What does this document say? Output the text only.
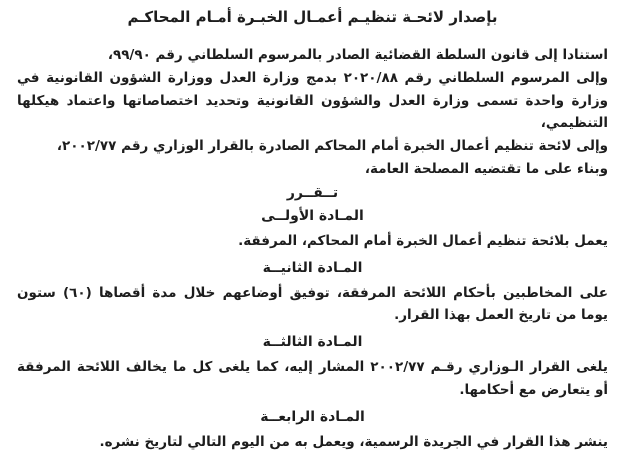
بإصدار لائحـة تنظيـم أعمـال الخبـرة أمـام المحاكـم

استنادا إلى قانون السلطة القضائية الصادر بالمرسوم السلطاني رقم ٩٩/٩٠،

وإلى المرسوم السلطاني رقم ٢٠٢٠/٨٨ بدمج وزارة العدل ووزارة الشؤون القانونية في وزارة واحدة تسمى وزارة العدل والشؤون القانونية وتحديد اختصاصاتها واعتماد هيكلها التنظيمي،

وإلى لائحة تنظيم أعمال الخبرة أمام المحاكم الصادرة بالقرار الوزاري رقم ٢٠٠٢/٧٧،

وبناء على ما تقتضيه المصلحة العامة،

تــقــرر
المـادة الأولــى

يعمل بلائحة تنظيم أعمال الخبرة أمام المحاكم، المرفقة.

المـادة الثانيــة

على المخاطبين بأحكام اللائحة المرفقة، توفيق أوضاعهم خلال مدة أقصاها (٦٠) ستون يوما من تاريخ العمل بهذا القرار.

المـادة الثالثــة

يلغى القرار الـوزاري رقـم ٢٠٠٢/٧٧ المشار إليه، كما يلغى كل ما يخالف اللائحة المرفقة أو يتعارض مع أحكامها.

المـادة الرابعــة

ينشر هذا القرار في الجريدة الرسمية، ويعمل به من اليوم التالي لتاريخ نشره.
